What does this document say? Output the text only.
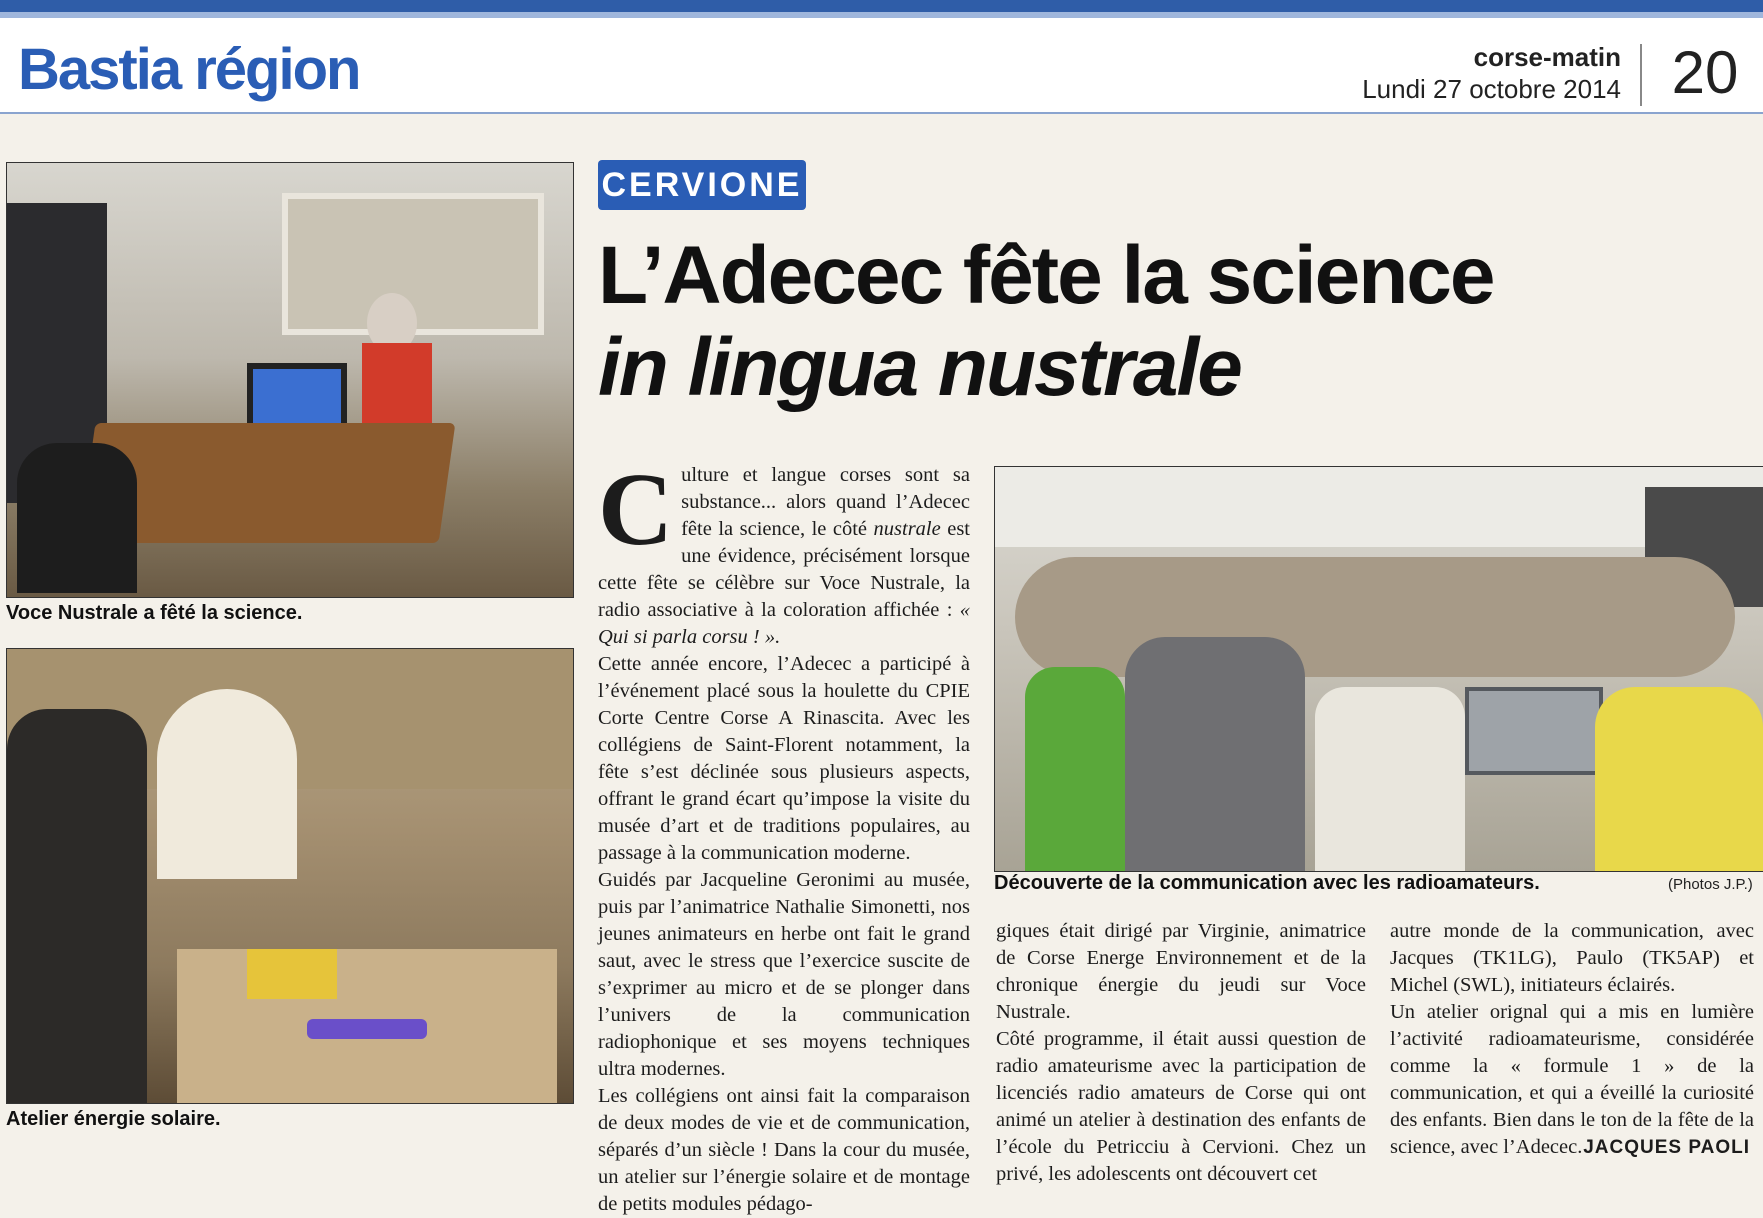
Bastia région	corse-matin
Lundi 27 octobre 2014 20

Voce Nustrale a fêté la science.

Atelier énergie solaire.

CERVIONE
L’Adecec fête la science
in lingua nustrale

Culture et langue corses sont sa substance... alors quand l’Adecec fête la science, le côté nustrale est une évidence, précisément lorsque cette fête se célèbre sur Voce Nustrale, la radio associative à la coloration affichée : « Qui si parla corsu ! ».

Cette année encore, l’Adecec a participé à l’événement placé sous la houlette du CPIE Corte Centre Corse A Rinascita. Avec les collégiens de Saint-Florent notamment, la fête s’est déclinée sous plusieurs aspects, offrant le grand écart qu’impose la visite du musée d’art et de traditions populaires, au passage à la communication moderne.

Guidés par Jacqueline Geronimi au musée, puis par l’animatrice Nathalie Simonetti, nos jeunes animateurs en herbe ont fait le grand saut, avec le stress que l’exercice suscite de s’exprimer au micro et de se plonger dans l’univers de la communication radiophonique et ses moyens techniques ultra modernes.

Les collégiens ont ainsi fait la comparaison de deux modes de vie et de communication, séparés d’un siècle ! Dans la cour du musée, un atelier sur l’énergie solaire et de montage de petits modules pédago-

Découverte de la communication avec les radioamateurs.	(Photos J.P.)

giques était dirigé par Virginie, animatrice de Corse Energe Environnement et de la chronique énergie du jeudi sur Voce Nustrale.

Côté programme, il était aussi question de radio amateurisme avec la participation de licenciés radio amateurs de Corse qui ont animé un atelier à destination des enfants de l’école du Petricciu à Cervioni. Chez un privé, les adolescents ont découvert cet

autre monde de la communication, avec Jacques (TK1LG), Paulo (TK5AP) et Michel (SWL), initiateurs éclairés.

Un atelier orignal qui a mis en lumière l’activité radioamateurisme, considérée comme la « formule 1 » de la communication, et qui a éveillé la curiosité des enfants. Bien dans le ton de la fête de la science, avec l’Adecec. JACQUES PAOLI
